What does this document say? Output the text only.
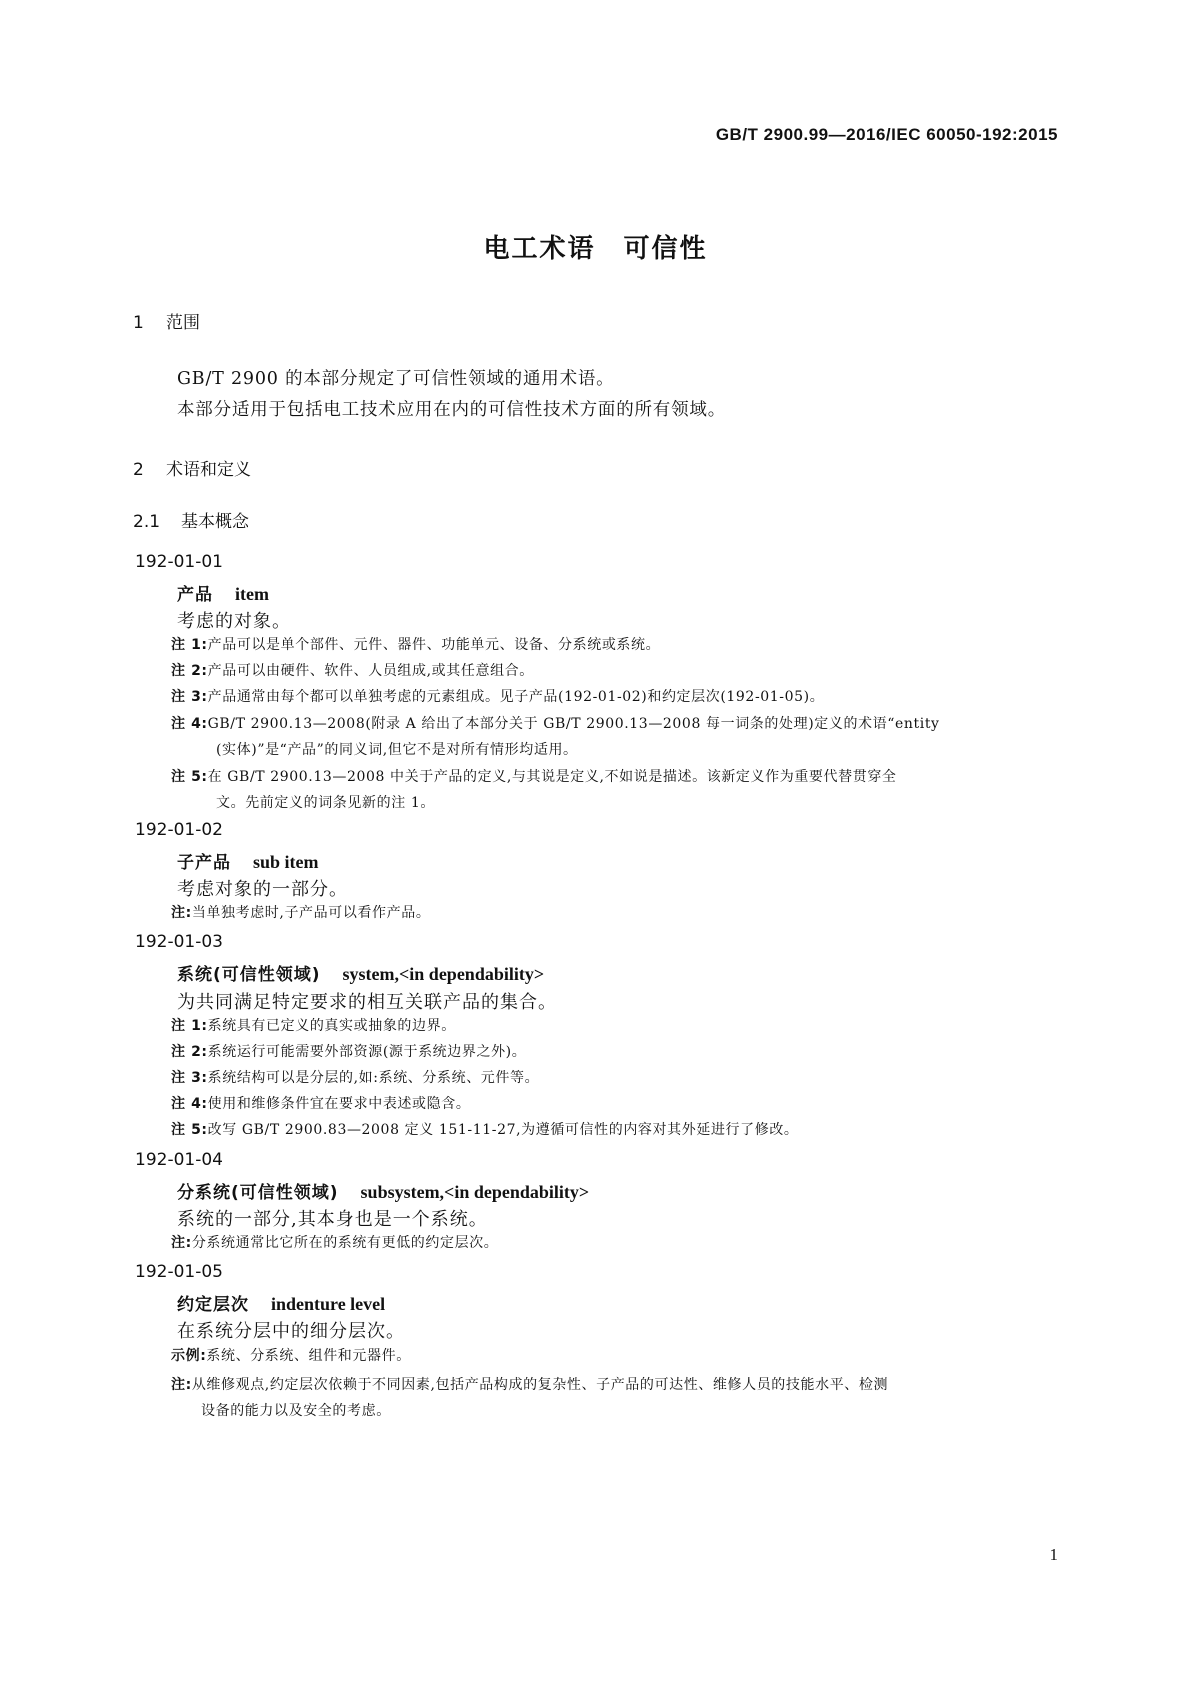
GB/T 2900.99—2016/IEC 60050-192:2015
电工术语　可信性
1 范围
GB/T 2900 的本部分规定了可信性领域的通用术语。
本部分适用于包括电工技术应用在内的可信性技术方面的所有领域。
2 术语和定义
2.1 基本概念
192-01-01
产品 item
考虑的对象。
注 1:产品可以是单个部件、元件、器件、功能单元、设备、分系统或系统。
注 2:产品可以由硬件、软件、人员组成,或其任意组合。
注 3:产品通常由每个都可以单独考虑的元素组成。见子产品(192-01-02)和约定层次(192-01-05)。
注 4:GB/T 2900.13—2008(附录 A 给出了本部分关于 GB/T 2900.13—2008 每一词条的处理)定义的术语“entity
(实体)”是“产品”的同义词,但它不是对所有情形均适用。
注 5:在 GB/T 2900.13—2008 中关于产品的定义,与其说是定义,不如说是描述。该新定义作为重要代替贯穿全
文。先前定义的词条见新的注 1。
192-01-02
子产品 sub item
考虑对象的一部分。
注:当单独考虑时,子产品可以看作产品。
192-01-03
系统(可信性领域) system,<in dependability>
为共同满足特定要求的相互关联产品的集合。
注 1:系统具有已定义的真实或抽象的边界。
注 2:系统运行可能需要外部资源(源于系统边界之外)。
注 3:系统结构可以是分层的,如:系统、分系统、元件等。
注 4:使用和维修条件宜在要求中表述或隐含。
注 5:改写 GB/T 2900.83—2008 定义 151-11-27,为遵循可信性的内容对其外延进行了修改。
192-01-04
分系统(可信性领域) subsystem,<in dependability>
系统的一部分,其本身也是一个系统。
注:分系统通常比它所在的系统有更低的约定层次。
192-01-05
约定层次 indenture level
在系统分层中的细分层次。
示例:系统、分系统、组件和元器件。
注:从维修观点,约定层次依赖于不同因素,包括产品构成的复杂性、子产品的可达性、维修人员的技能水平、检测
设备的能力以及安全的考虑。
1
